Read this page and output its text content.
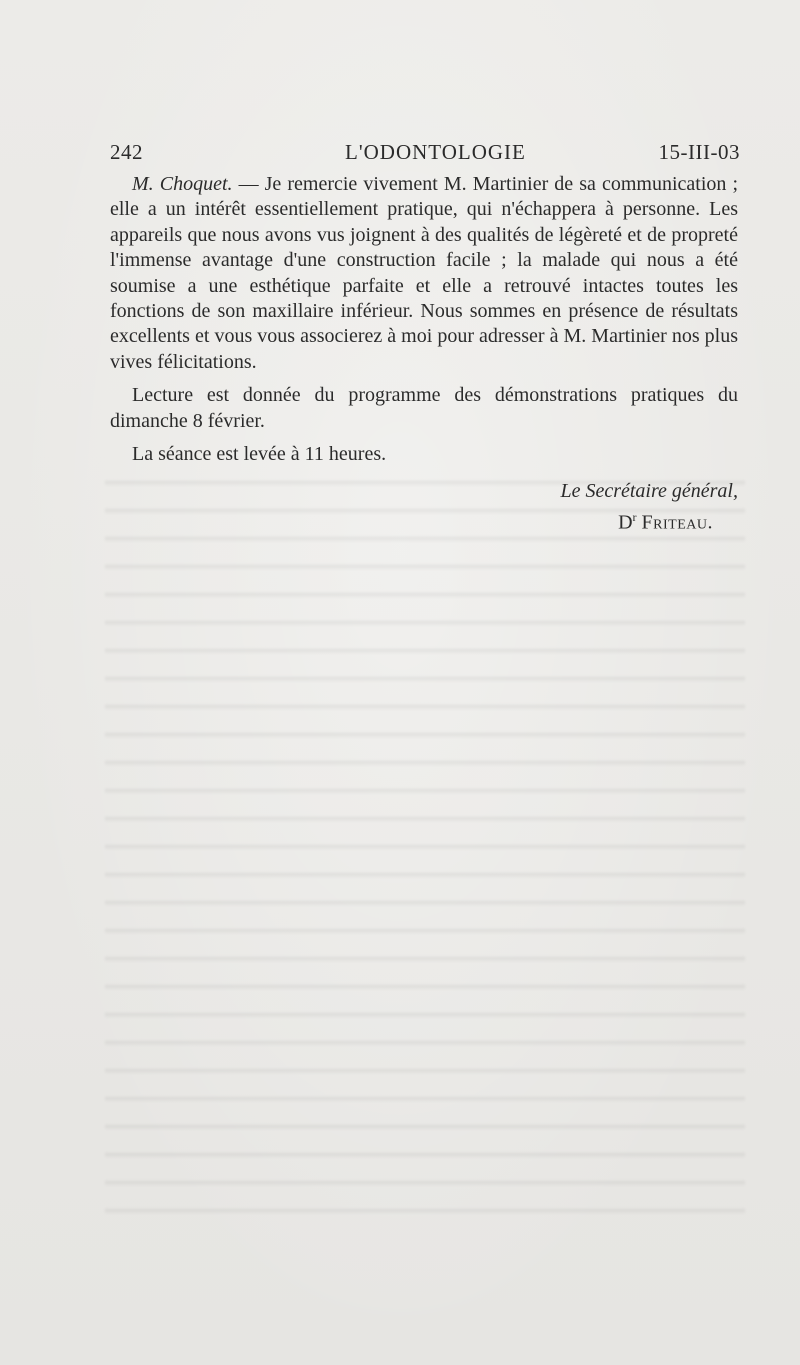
242	L'ODONTOLOGIE	15-III-03

M. Choquet. — Je remercie vivement M. Martinier de sa communication ; elle a un intérêt essentiellement pratique, qui n'échappera à personne. Les appareils que nous avons vus joignent à des qualités de légèreté et de propreté l'immense avantage d'une construction facile ; la malade qui nous a été soumise a une esthétique parfaite et elle a retrouvé intactes toutes les fonctions de son maxillaire inférieur. Nous sommes en présence de résultats excellents et vous vous associerez à moi pour adresser à M. Martinier nos plus vives félicitations.

Lecture est donnée du programme des démonstrations pratiques du dimanche 8 février.

La séance est levée à 11 heures.

Le Secrétaire général,
$D^r$ Friteau.
